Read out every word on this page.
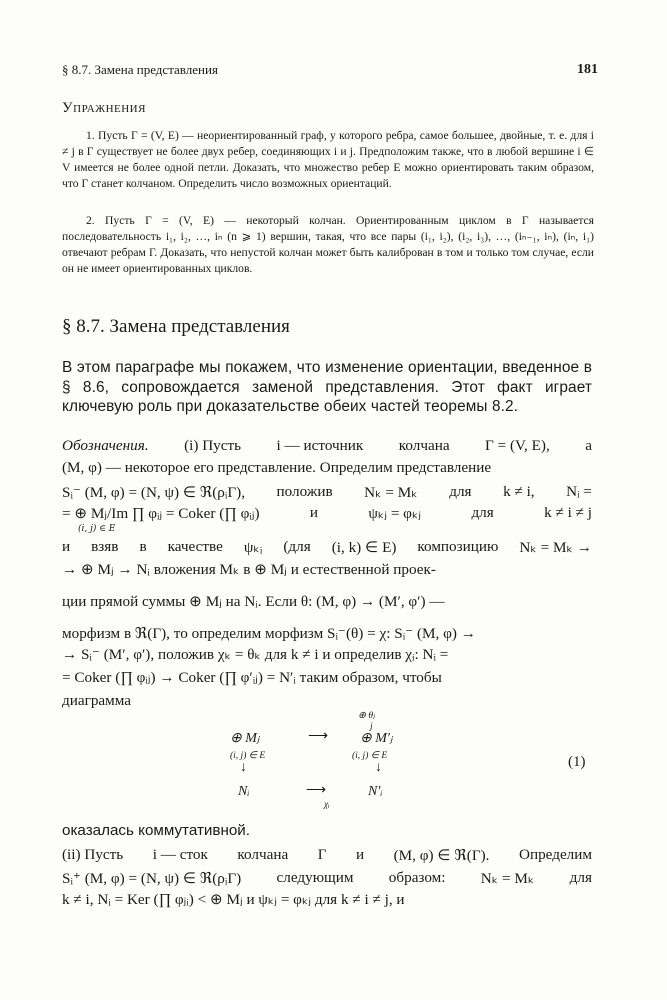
§ 8.7. Замена представления	181
Упражнения
1. Пусть Γ = (V, E) — неориентированный граф, у которого ребра, самое большее, двойные, т. е. для i ≠ j в Γ существует не более двух ребер, соединяющих i и j. Предположим также, что в любой вершине i ∈ V имеется не более одной петли. Доказать, что множество ребер E можно ориентировать таким образом, что Γ станет колчаном. Определить число возможных ориентаций.
2. Пусть Γ = (V, E) — некоторый колчан. Ориентированным циклом в Γ называется последовательность i₁, i₂, …, iₙ (n ⩾ 1) вершин, такая, что все пары (i₁, i₂), (i₂, i₃), …, (iₙ₋₁, iₙ), (iₙ, i₁) отвечают ребрам Γ. Доказать, что непустой колчан может быть калиброван в том и только том случае, если он не имеет ориентированных циклов.
§ 8.7. Замена представления
В этом параграфе мы покажем, что изменение ориентации, введенное в § 8.6, сопровождается заменой представления. Этот факт играет ключевую роль при доказательстве обеих частей теоремы 8.2.
Обозначения. (i) Пусть i — источник колчана Γ = (V, E), а
(M, φ) — некоторое его представление. Определим представление
Sᵢ⁻ (M, φ) = (N, ψ) ∈ ℜ(ρᵢΓ), положив Nₖ = Mₖ для k ≠ i, Nᵢ =
= ⊕ Mⱼ/Im ∏ φᵢⱼ = Coker (∏ φᵢⱼ)	и	ψₖⱼ = φₖⱼ	для	k ≠ i ≠ j
(i, j) ∈ E
и взяв в качестве ψₖᵢ (для (i, k) ∈ E) композицию Nₖ = Mₖ →
→ ⊕ Mⱼ → Nᵢ вложения Mₖ в ⊕ Mⱼ и естественной проек-
ции прямой суммы ⊕ Mⱼ на Nᵢ. Если θ: (M, φ) → (M′, φ′) —
морфизм в ℜ(Γ), то определим морфизм Sᵢ⁻(θ) = χ: Sᵢ⁻ (M, φ) →
→ Sᵢ⁻ (M′, φ′), положив χₖ = θₖ для k ≠ i и определив χᵢ: Nᵢ =
= Coker (∏ φᵢⱼ) → Coker (∏ φ′ᵢⱼ) = N′ᵢ таким образом, чтобы
диаграмма
⊕ θⱼ
j
⊕ Mⱼ
(i, j) ∈ E
⟶ ⊕ M′ⱼ
(i, j) ∈ E
↓	↓
Nᵢ	⟶
χᵢ
N′ᵢ
(1)
оказалась коммутативной.
(ii) Пусть i — сток колчана Γ и (M, φ) ∈ ℜ(Γ). Определим
Sᵢ⁺ (M, φ) = (N, ψ) ∈ ℜ(ρᵢΓ) следующим образом: Nₖ = Mₖ для
k ≠ i, Nᵢ = Ker (∏ φⱼᵢ) < ⊕ Mⱼ и ψₖⱼ = φₖⱼ для k ≠ i ≠ j, и
